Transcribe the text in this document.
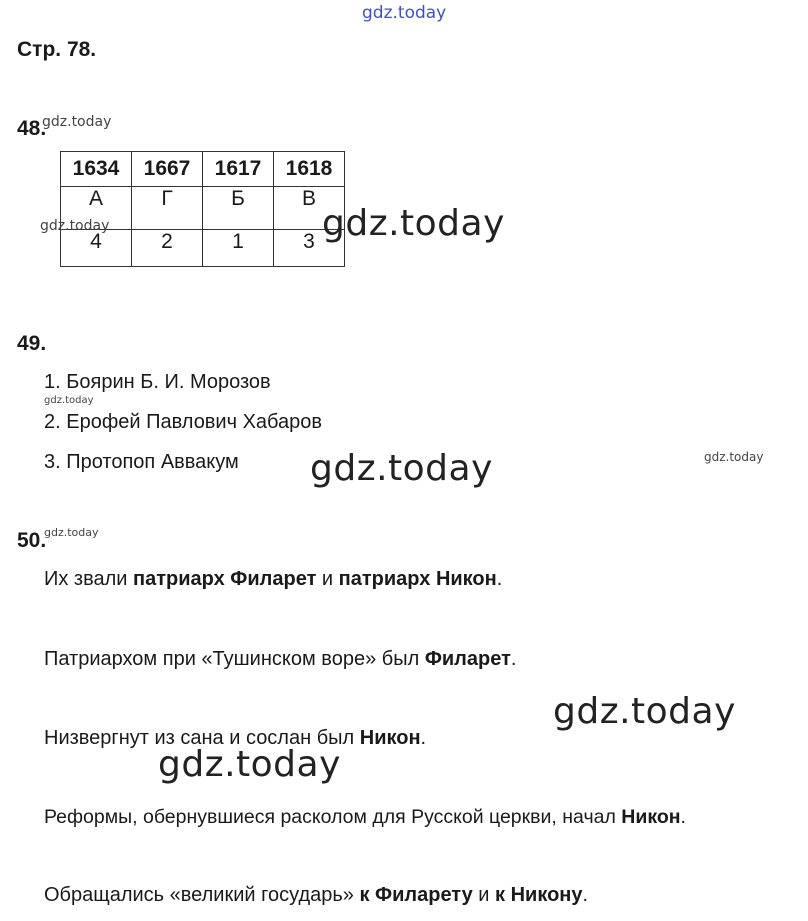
gdz.today
Стр. 78.
48.
gdz.today
1634	1667	1617	1618
А	Г	Б	В
4	2	1	3
gdz.today	gdz.today
49.
1. Боярин Б. И. Морозов
gdz.today
2. Ерофей Павлович Хабаров
3. Протопоп Аввакум gdz.today	gdz.today
50.
gdz.today
Их звали патриарх Филарет и патриарх Никон.
Патриархом при «Тушинском воре» был Филарет.
gdz.today
Низвергнут из сана и сослан был Никон.
gdz.today
Реформы, обернувшиеся расколом для Русской церкви, начал Никон.
Обращались «великий государь» к Филарету и к Никону.
